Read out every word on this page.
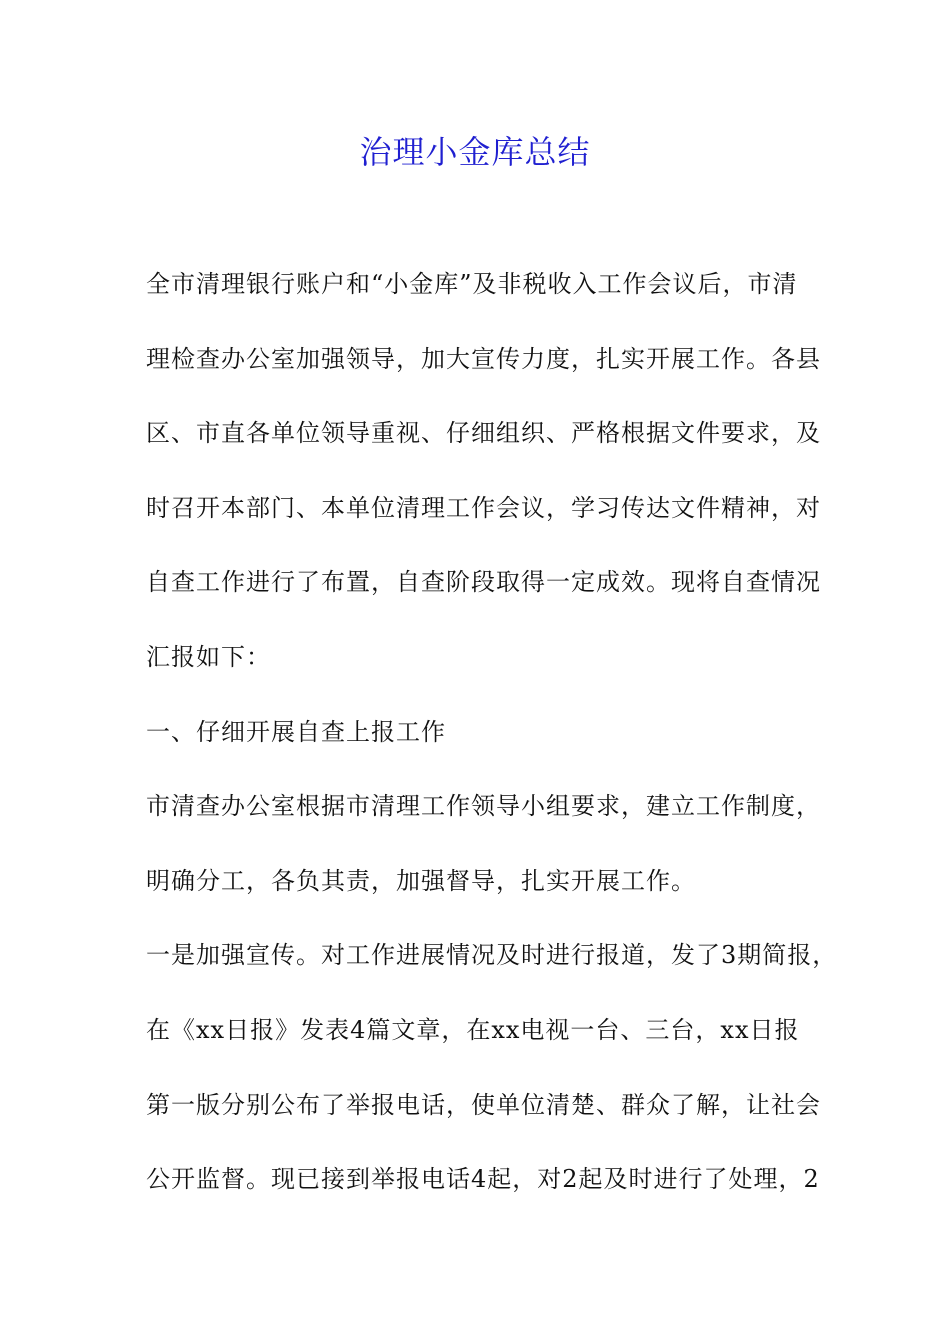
治理小金库总结
全市清理银行账户和“小金库”及非税收入工作会议后，市清
理检查办公室加强领导，加大宣传力度，扎实开展工作。各县
区、市直各单位领导重视、仔细组织、严格根据文件要求，及
时召开本部门、本单位清理工作会议，学习传达文件精神，对
自查工作进行了布置，自查阶段取得一定成效。现将自查情况
汇报如下：
一、仔细开展自查上报工作
市清查办公室根据市清理工作领导小组要求，建立工作制度，
明确分工，各负其责，加强督导，扎实开展工作。
一是加强宣传。对工作进展情况及时进行报道，发了3期简报，
在《xx日报》发表4篇文章，在xx电视一台、三台，xx日报
第一版分别公布了举报电话，使单位清楚、群众了解，让社会
公开监督。现已接到举报电话4起，对2起及时进行了处理，2
